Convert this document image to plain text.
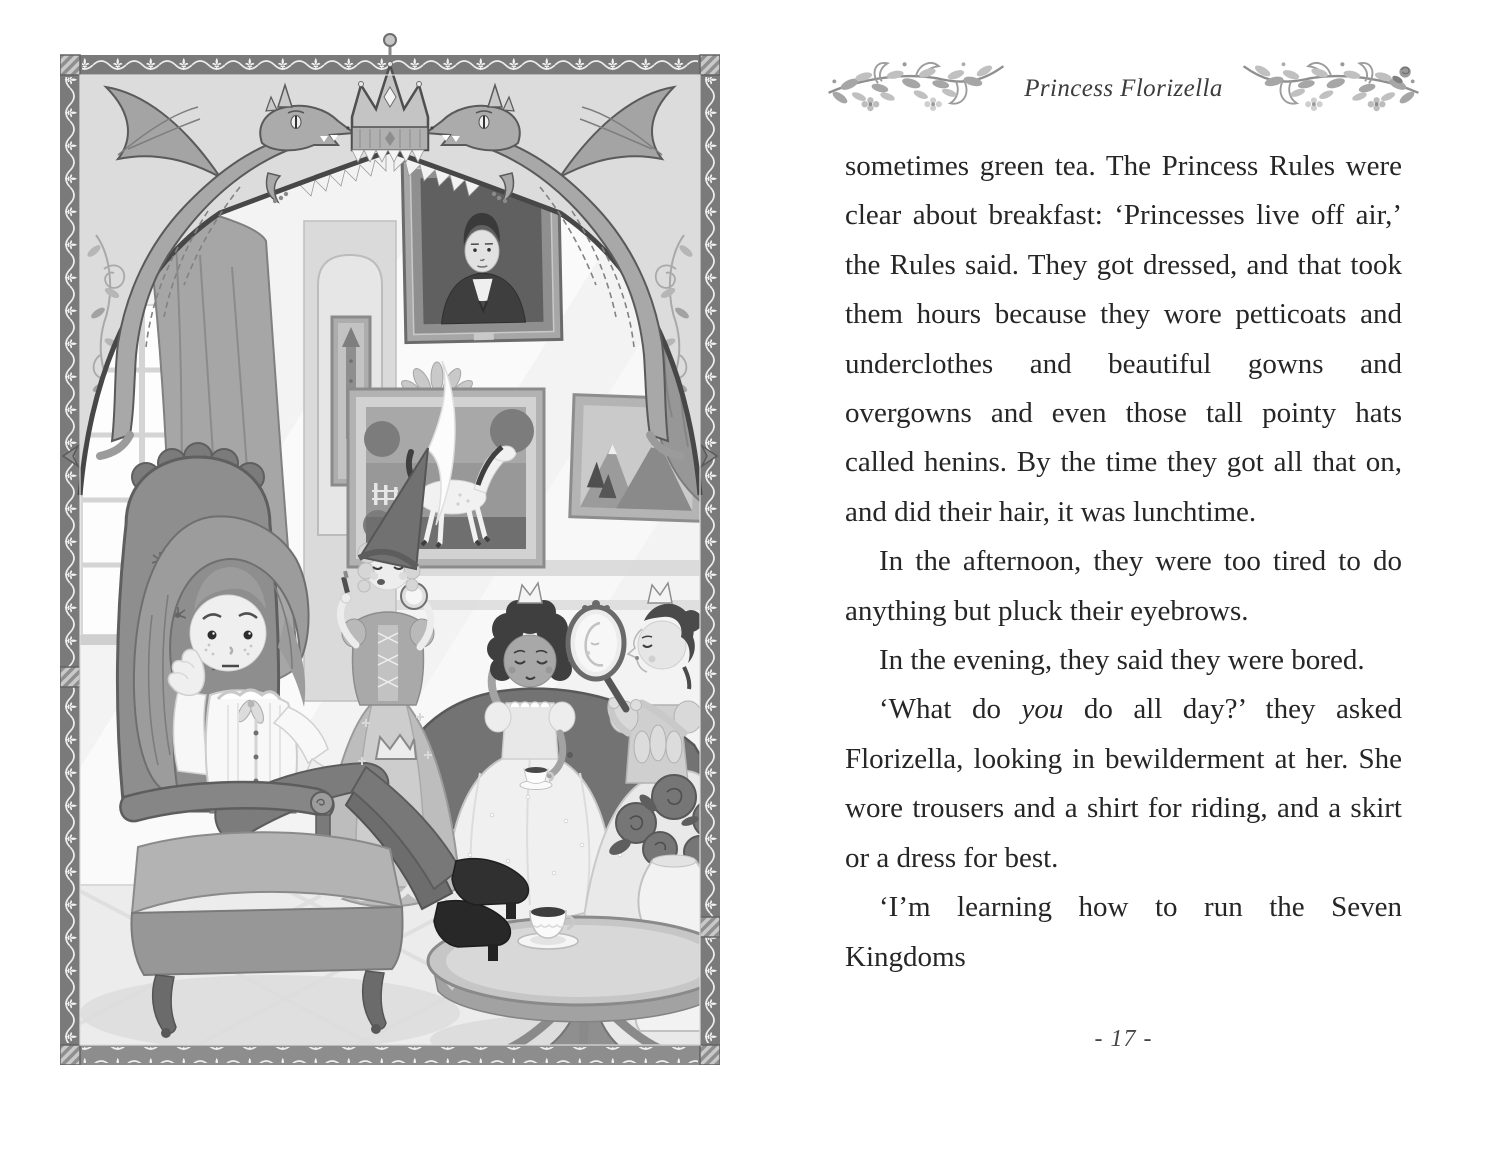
Princess Florizella

sometimes green tea. The Princess Rules were clear about breakfast: ‘Princesses live off air,’ the Rules said. They got dressed, and that took them hours because they wore petticoats and underclothes and beautiful gowns and overgowns and even those tall pointy hats called henins. By the time they got all that on, and did their hair, it was lunchtime.

In the afternoon, they were too tired to do anything but pluck their eyebrows.

In the evening, they said they were bored.

‘What do you do all day?’ they asked Florizella, looking in bewilderment at her. She wore trousers and a shirt for riding, and a skirt or a dress for best.

‘I’m learning how to run the Seven Kingdoms

- 17 -
